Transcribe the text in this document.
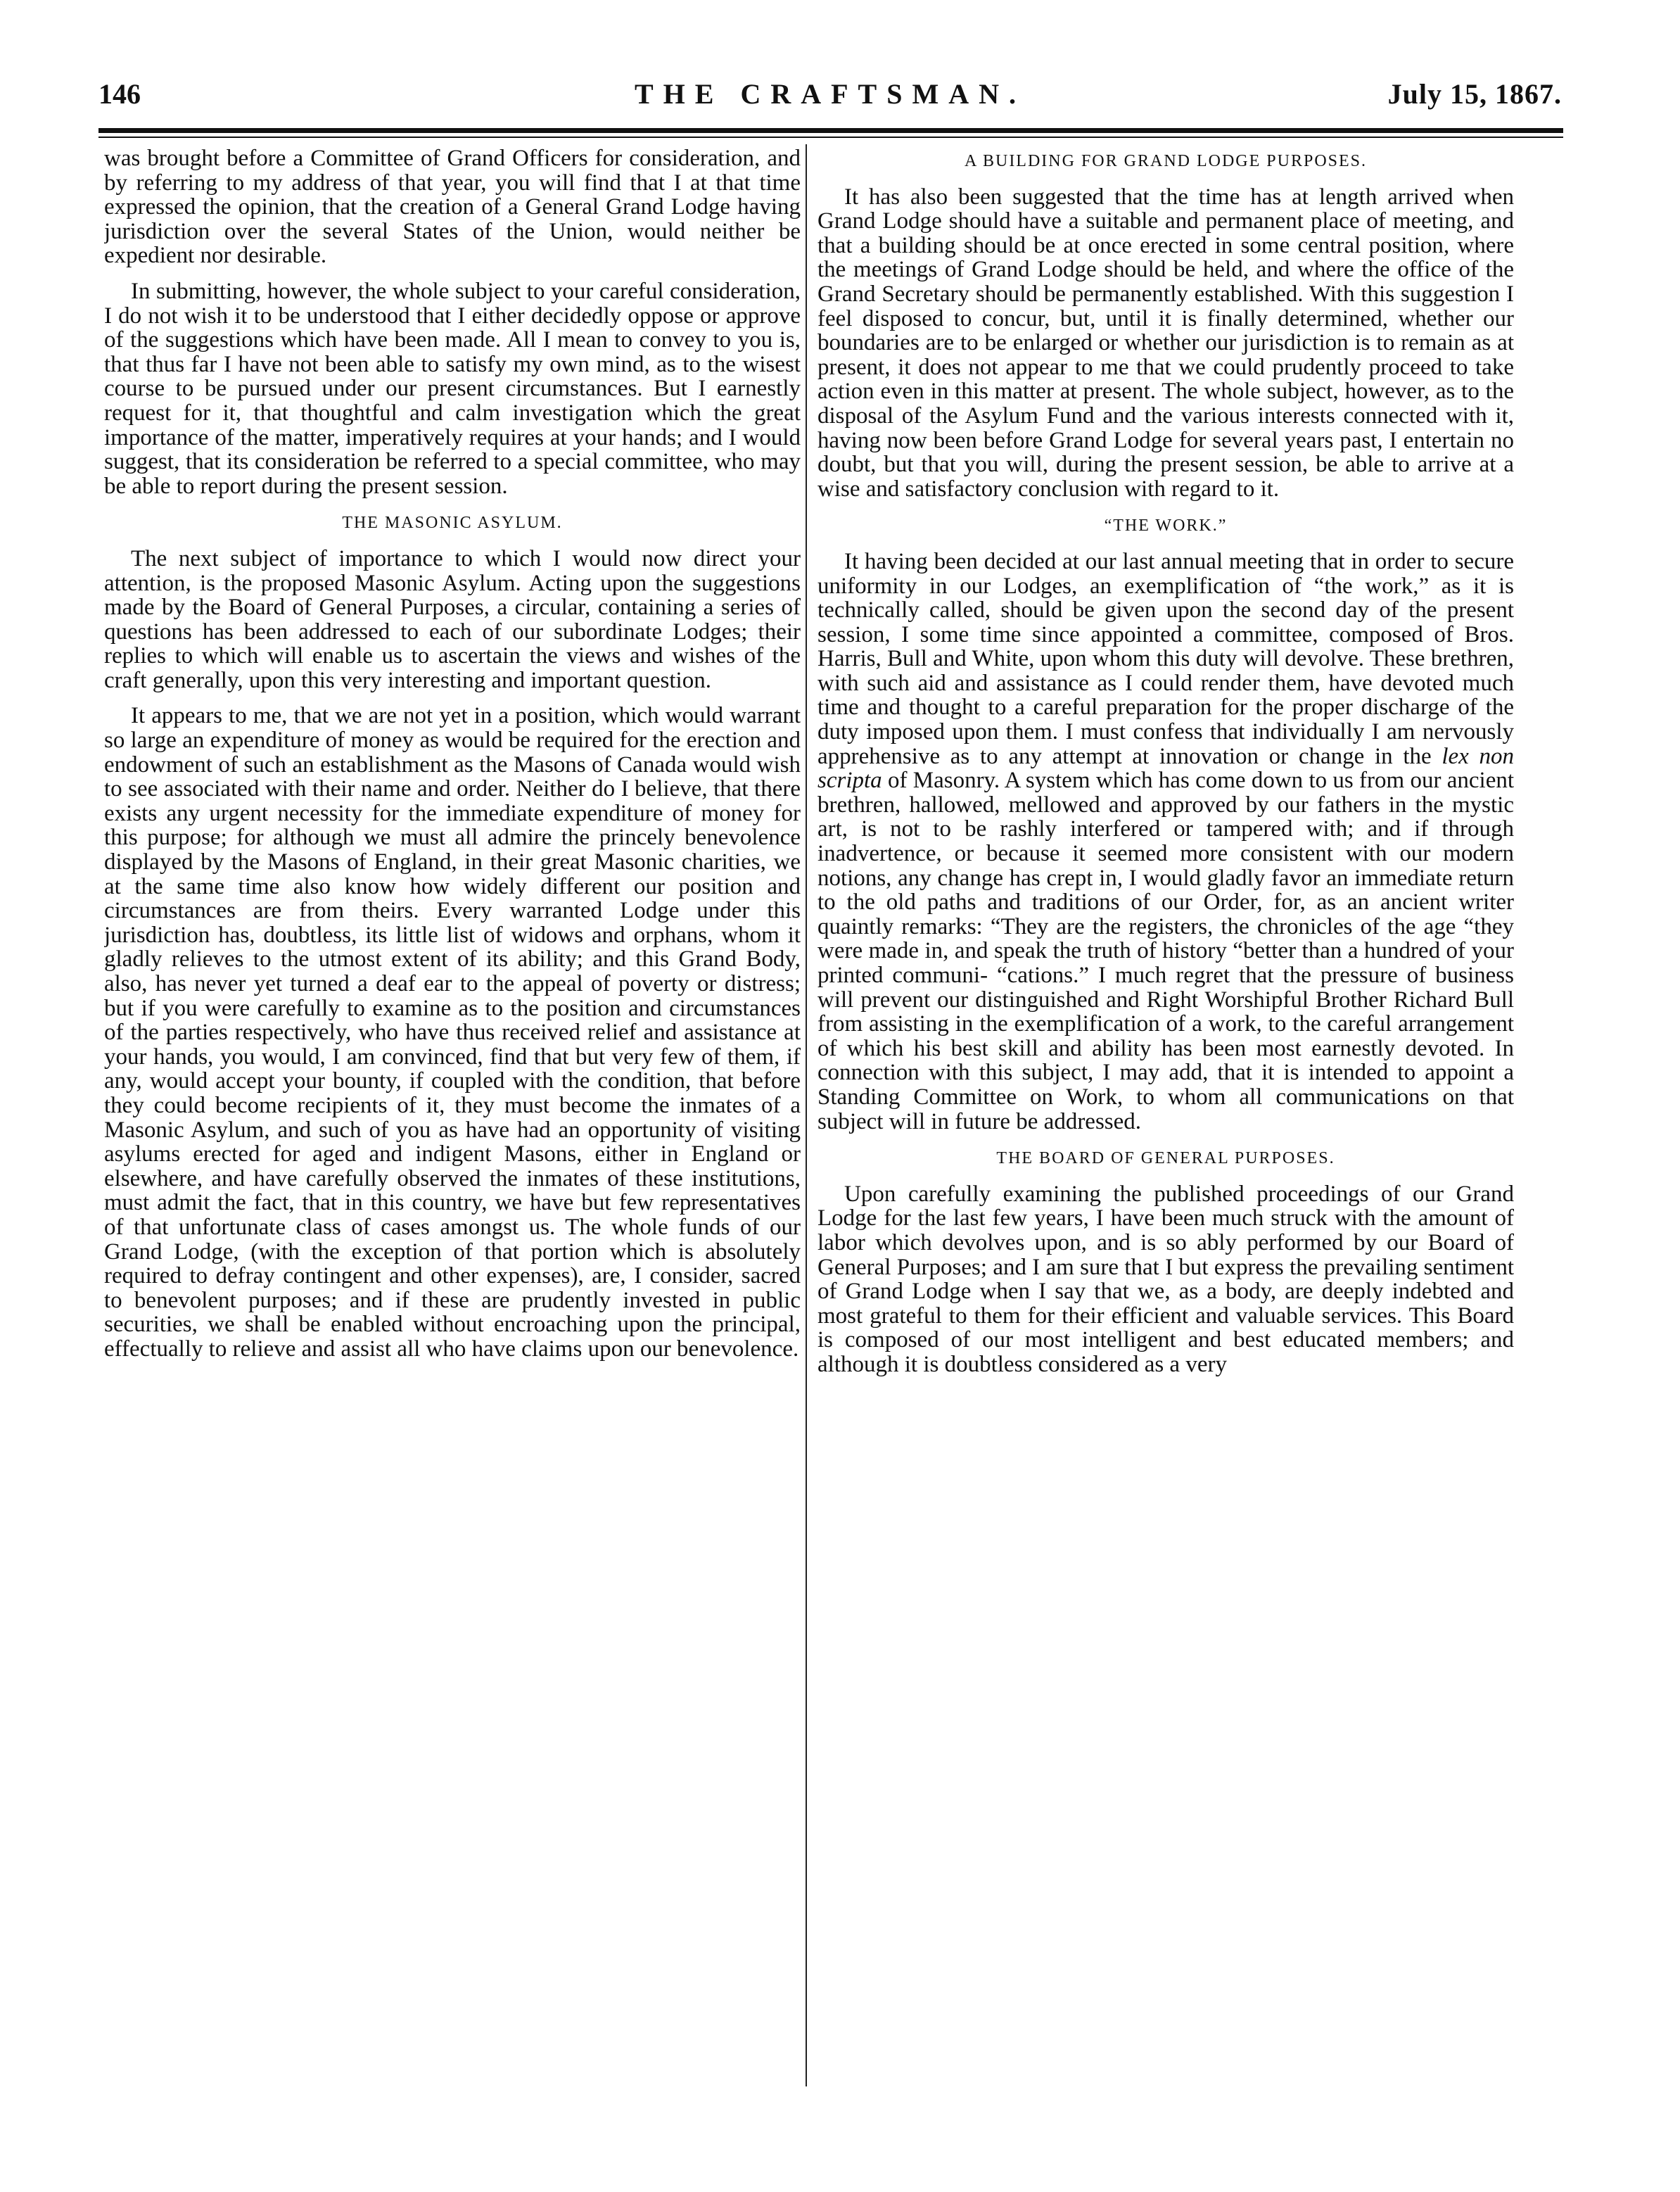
146	THE CRAFTSMAN.	July 15, 1867.

was brought before a Committee of Grand Officers for consideration, and by referring to my address of that year, you will find that I at that time expressed the opinion, that the creation of a General Grand Lodge having jurisdiction over the several States of the Union, would neither be expedient nor desirable.

In submitting, however, the whole subject to your careful consideration, I do not wish it to be understood that I either decidedly oppose or approve of the suggestions which have been made. All I mean to convey to you is, that thus far I have not been able to satisfy my own mind, as to the wisest course to be pursued under our present circumstances. But I earnestly request for it, that thoughtful and calm investigation which the great importance of the matter, imperatively requires at your hands; and I would suggest, that its consideration be referred to a special committee, who may be able to report during the present session.

THE MASONIC ASYLUM.

The next subject of importance to which I would now direct your attention, is the proposed Masonic Asylum. Acting upon the suggestions made by the Board of General Purposes, a circular, containing a series of questions has been addressed to each of our subordinate Lodges; their replies to which will enable us to ascertain the views and wishes of the craft generally, upon this very interesting and important question.

It appears to me, that we are not yet in a position, which would warrant so large an expenditure of money as would be required for the erection and endowment of such an establishment as the Masons of Canada would wish to see associated with their name and order. Neither do I believe, that there exists any urgent necessity for the immediate expenditure of money for this purpose; for although we must all admire the princely benevolence displayed by the Masons of England, in their great Masonic charities, we at the same time also know how widely different our position and circumstances are from theirs. Every warranted Lodge under this jurisdiction has, doubtless, its little list of widows and orphans, whom it gladly relieves to the utmost extent of its ability; and this Grand Body, also, has never yet turned a deaf ear to the appeal of poverty or distress; but if you were carefully to examine as to the position and circumstances of the parties respectively, who have thus received relief and assistance at your hands, you would, I am convinced, find that but very few of them, if any, would accept your bounty, if coupled with the condition, that before they could become recipients of it, they must become the inmates of a Masonic Asylum, and such of you as have had an opportunity of visiting asylums erected for aged and indigent Masons, either in England or elsewhere, and have carefully observed the inmates of these institutions, must admit the fact, that in this country, we have but few representatives of that unfortunate class of cases amongst us. The whole funds of our Grand Lodge, (with the exception of that portion which is absolutely required to defray contingent and other expenses), are, I consider, sacred to benevolent purposes; and if these are prudently invested in public securities, we shall be enabled without encroaching upon the principal, effectually to relieve and assist all who have claims upon our benevolence.

A BUILDING FOR GRAND LODGE PURPOSES.

It has also been suggested that the time has at length arrived when Grand Lodge should have a suitable and permanent place of meeting, and that a building should be at once erected in some central position, where the meetings of Grand Lodge should be held, and where the office of the Grand Secretary should be permanently established. With this suggestion I feel disposed to concur, but, until it is finally determined, whether our boundaries are to be enlarged or whether our jurisdiction is to remain as at present, it does not appear to me that we could prudently proceed to take action even in this matter at present. The whole subject, however, as to the disposal of the Asylum Fund and the various interests connected with it, having now been before Grand Lodge for several years past, I entertain no doubt, but that you will, during the present session, be able to arrive at a wise and satisfactory conclusion with regard to it.

“THE WORK.”

It having been decided at our last annual meeting that in order to secure uniformity in our Lodges, an exemplification of “the work,” as it is technically called, should be given upon the second day of the present session, I some time since appointed a committee, composed of Bros. Harris, Bull and White, upon whom this duty will devolve. These brethren, with such aid and assistance as I could render them, have devoted much time and thought to a careful preparation for the proper discharge of the duty imposed upon them. I must confess that individually I am nervously apprehensive as to any attempt at innovation or change in the lex non scripta of Masonry. A system which has come down to us from our ancient brethren, hallowed, mellowed and approved by our fathers in the mystic art, is not to be rashly interfered or tampered with; and if through inadvertence, or because it seemed more consistent with our modern notions, any change has crept in, I would gladly favor an immediate return to the old paths and traditions of our Order, for, as an ancient writer quaintly remarks: “They are the registers, the chronicles of the age “they were made in, and speak the truth of history “better than a hundred of your printed communi- “cations.” I much regret that the pressure of business will prevent our distinguished and Right Worshipful Brother Richard Bull from assisting in the exemplification of a work, to the careful arrangement of which his best skill and ability has been most earnestly devoted. In connection with this subject, I may add, that it is intended to appoint a Standing Committee on Work, to whom all communications on that subject will in future be addressed.

THE BOARD OF GENERAL PURPOSES.

Upon carefully examining the published proceedings of our Grand Lodge for the last few years, I have been much struck with the amount of labor which devolves upon, and is so ably performed by our Board of General Purposes; and I am sure that I but express the prevailing sentiment of Grand Lodge when I say that we, as a body, are deeply indebted and most grateful to them for their efficient and valuable services. This Board is composed of our most intelligent and best educated members; and although it is doubtless considered as a very
